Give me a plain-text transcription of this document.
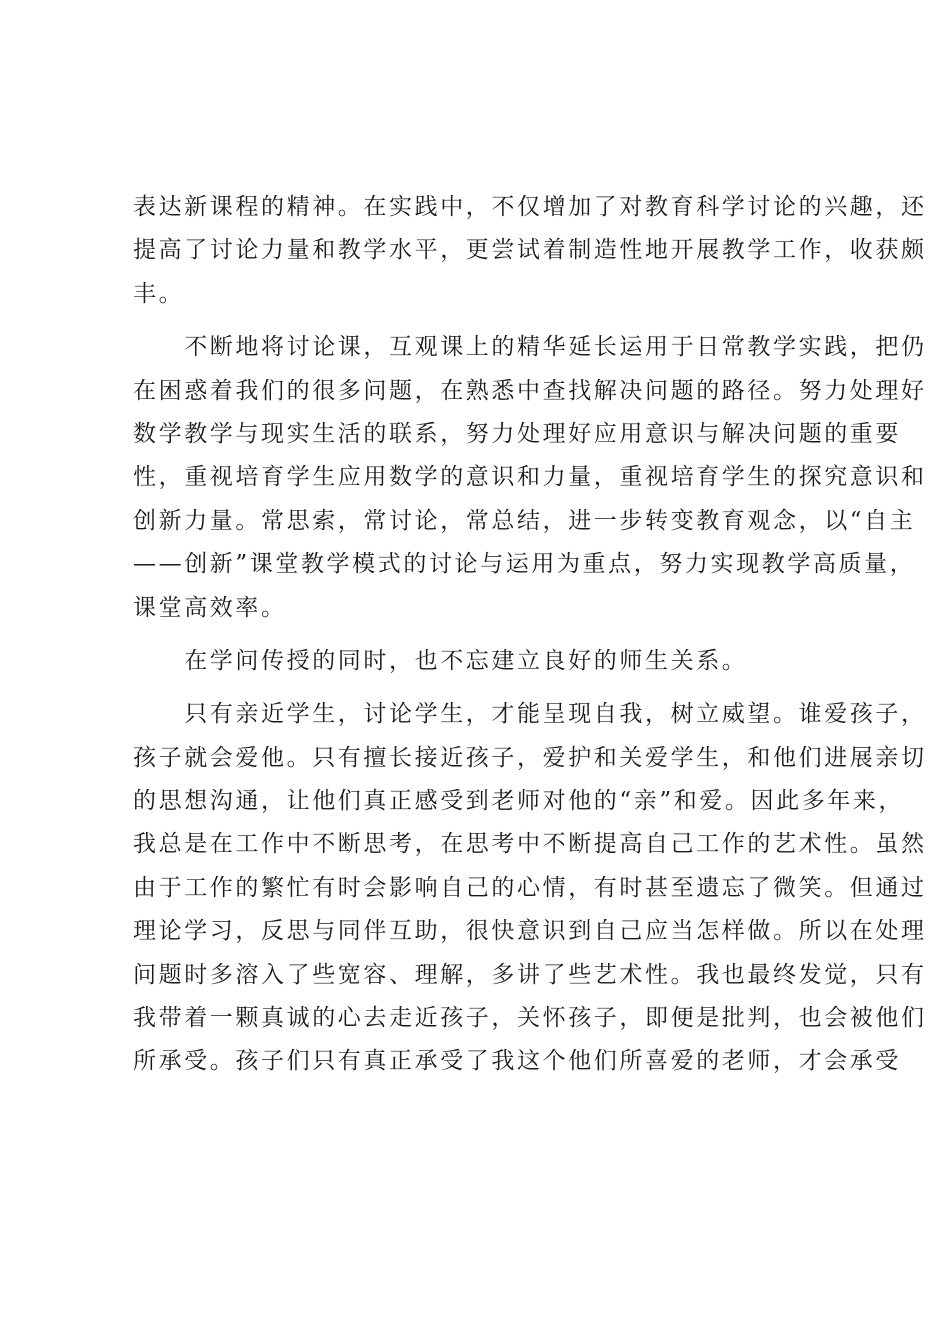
表达新课程的精神。在实践中，不仅增加了对教育科学讨论的兴趣，还
提高了讨论力量和教学水平，更尝试着制造性地开展教学工作，收获颇
丰。
　　不断地将讨论课，互观课上的精华延长运用于日常教学实践，把仍
在困惑着我们的很多问题，在熟悉中查找解决问题的路径。努力处理好
数学教学与现实生活的联系，努力处理好应用意识与解决问题的重要
性，重视培育学生应用数学的意识和力量，重视培育学生的探究意识和
创新力量。常思索，常讨论，常总结，进一步转变教育观念，以“自主
——创新”课堂教学模式的讨论与运用为重点，努力实现教学高质量，
课堂高效率。
　　在学问传授的同时，也不忘建立良好的师生关系。
　　只有亲近学生，讨论学生，才能呈现自我，树立威望。谁爱孩子，
孩子就会爱他。只有擅长接近孩子，爱护和关爱学生，和他们进展亲切
的思想沟通，让他们真正感受到老师对他的“亲”和爱。因此多年来，
我总是在工作中不断思考，在思考中不断提高自己工作的艺术性。虽然
由于工作的繁忙有时会影响自己的心情，有时甚至遗忘了微笑。但通过
理论学习，反思与同伴互助，很快意识到自己应当怎样做。所以在处理
问题时多溶入了些宽容、理解，多讲了些艺术性。我也最终发觉，只有
我带着一颗真诚的心去走近孩子，关怀孩子，即便是批判，也会被他们
所承受。孩子们只有真正承受了我这个他们所喜爱的老师，才会承受
